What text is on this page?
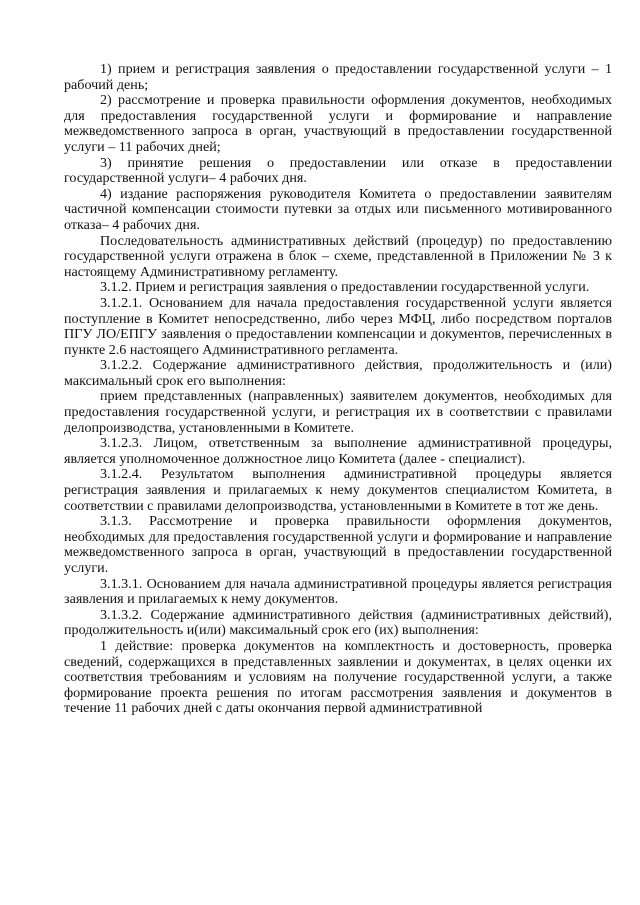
1) прием и регистрация заявления о предоставлении государственной услуги – 1 рабочий день;

2) рассмотрение и проверка правильности оформления документов, необходимых для предоставления государственной услуги и формирование и направление межведомственного запроса в орган, участвующий в предоставлении государственной услуги – 11 рабочих дней;

3) принятие решения о предоставлении или отказе в предоставлении государственной услуги– 4 рабочих дня.

4) издание распоряжения руководителя Комитета о предоставлении заявителям частичной компенсации стоимости путевки за отдых или письменного мотивированного отказа– 4 рабочих дня.

Последовательность административных действий (процедур) по предоставлению государственной услуги отражена в блок – схеме, представленной в Приложении № 3 к настоящему Административному регламенту.

3.1.2. Прием и регистрация заявления о предоставлении государственной услуги.

3.1.2.1. Основанием для начала предоставления государственной услуги является поступление в Комитет непосредственно, либо через МФЦ, либо посредством порталов ПГУ ЛО/ЕПГУ заявления о предоставлении компенсации и документов, перечисленных в пункте 2.6 настоящего Административного регламента.

3.1.2.2. Содержание административного действия, продолжительность и (или) максимальный срок его выполнения:

прием представленных (направленных) заявителем документов, необходимых для предоставления государственной услуги, и регистрация их в соответствии с правилами делопроизводства, установленными в Комитете.

3.1.2.3. Лицом, ответственным за выполнение административной процедуры, является уполномоченное должностное лицо Комитета (далее - специалист).

3.1.2.4. Результатом выполнения административной процедуры является регистрация заявления и прилагаемых к нему документов специалистом Комитета, в соответствии с правилами делопроизводства, установленными в Комитете в тот же день.

3.1.3. Рассмотрение и проверка правильности оформления документов, необходимых для предоставления государственной услуги и формирование и направление межведомственного запроса в орган, участвующий в предоставлении государственной услуги.

3.1.3.1. Основанием для начала административной процедуры является регистрация заявления и прилагаемых к нему документов.

3.1.3.2. Содержание административного действия (административных действий), продолжительность и(или) максимальный срок его (их) выполнения:

1 действие: проверка документов на комплектность и достоверность, проверка сведений, содержащихся в представленных заявлении и документах, в целях оценки их соответствия требованиям и условиям на получение государственной услуги, а также формирование проекта решения по итогам рассмотрения заявления и документов в течение 11 рабочих дней с даты окончания первой административной
